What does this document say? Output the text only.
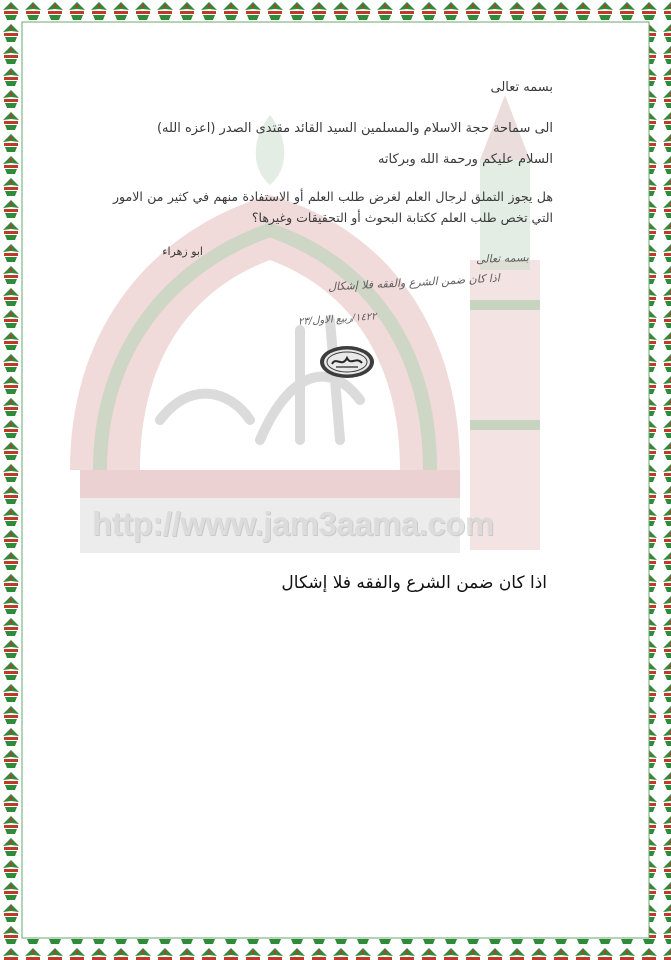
http://www.jam3aama.com
بسمه تعالى
الى سماحة حجة الاسلام والمسلمين السيد القائد مقتدى الصدر (اعزه الله)
السلام عليكم ورحمة الله وبركاته
هل يجوز التملق لرجال العلم لغرض طلب العلم أو الاستفادة منهم في كثير من الامور التي تخص طلب العلم ككتابة البحوث أو التحقيقات وغيرها؟
ابو زهراء	بسمه تعالى
اذا كان ضمن الشرع والفقه فلا إشكال
١٤٢٢/ربيع الاول/٢٣
اذا كان ضمن الشرع والفقه فلا إشكال
